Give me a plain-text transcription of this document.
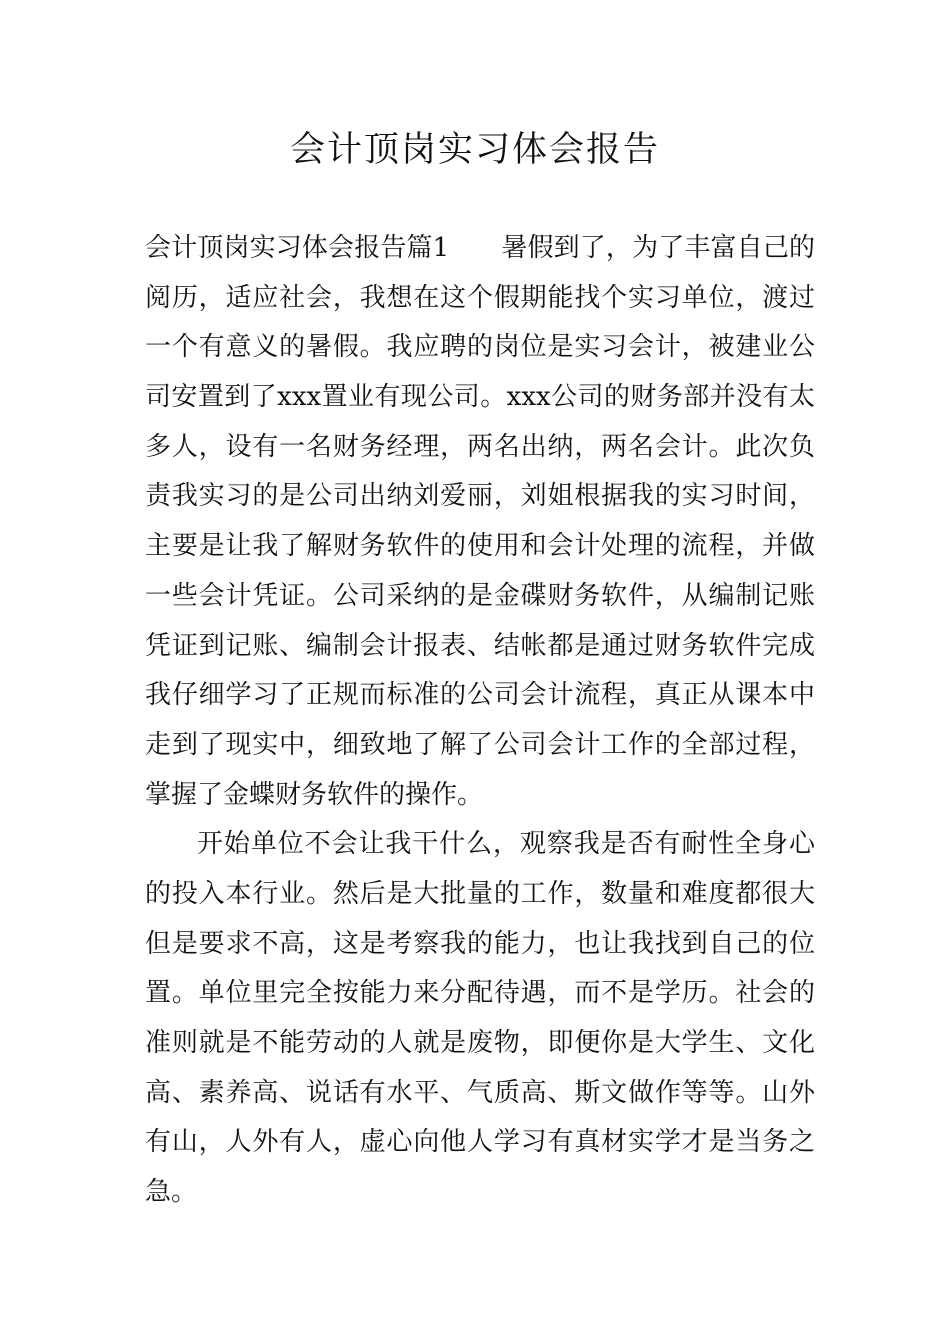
会计顶岗实习体会报告
会计顶岗实习体会报告篇1 暑假到了，为了丰富自己的
阅历，适应社会，我想在这个假期能找个实习单位，渡过
一个有意义的暑假。我应聘的岗位是实习会计，被建业公
司安置到了xxx置业有现公司。xxx公司的财务部并没有太
多人，设有一名财务经理，两名出纳，两名会计。此次负
责我实习的是公司出纳刘爱丽，刘姐根据我的实习时间，
主要是让我了解财务软件的使用和会计处理的流程，并做
一些会计凭证。公司采纳的是金碟财务软件，从编制记账
凭证到记账、编制会计报表、结帐都是通过财务软件完成
我仔细学习了正规而标准的公司会计流程，真正从课本中
走到了现实中，细致地了解了公司会计工作的全部过程，
掌握了金蝶财务软件的操作。
开始单位不会让我干什么，观察我是否有耐性全身心
的投入本行业。然后是大批量的工作，数量和难度都很大
但是要求不高，这是考察我的能力，也让我找到自己的位
置。单位里完全按能力来分配待遇，而不是学历。社会的
准则就是不能劳动的人就是废物，即便你是大学生、文化
高、素养高、说话有水平、气质高、斯文做作等等。山外
有山，人外有人，虚心向他人学习有真材实学才是当务之
急。
